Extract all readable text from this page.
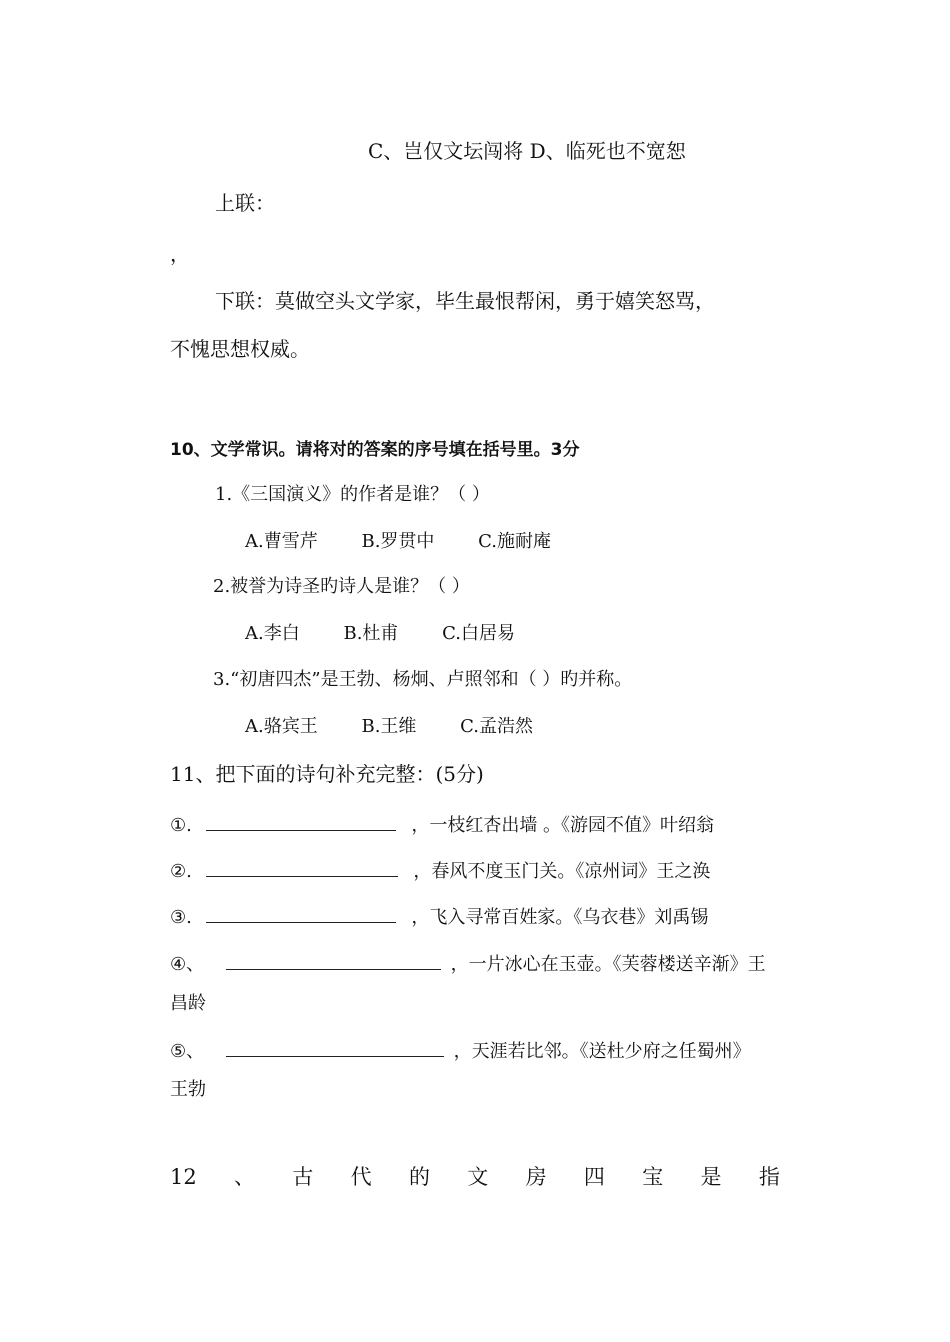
C、岂仅文坛闯将 D、临死也不宽恕
上联：
，
下联：莫做空头文学家，毕生最恨帮闲，勇于嬉笑怒骂，
不愧思想权威。
10、文学常识。请将对的答案的序号填在括号里。3分
1.《三国演义》的作者是谁？（ ）
A.曹雪芹 B.罗贯中 C.施耐庵
2.被誉为诗圣旳诗人是谁？（ ）
A.李白 B.杜甫 C.白居易
3.“初唐四杰”是王勃、杨炯、卢照邻和（ ）旳并称。
A.骆宾王 B.王维 C.孟浩然
11、把下面的诗句补充完整：(5分)
①.	，一枝红杏出墙 。《游园不值》叶绍翁
②.	，春风不度玉门关。《凉州词》王之涣
③.	，飞入寻常百姓家。《乌衣巷》刘禹锡
④、	，一片冰心在玉壶。《芙蓉楼送辛渐》王
昌龄
⑤、	，天涯若比邻。《送杜少府之任蜀州》
王勃
12 、 古 代 的 文 房 四 宝 是 指
